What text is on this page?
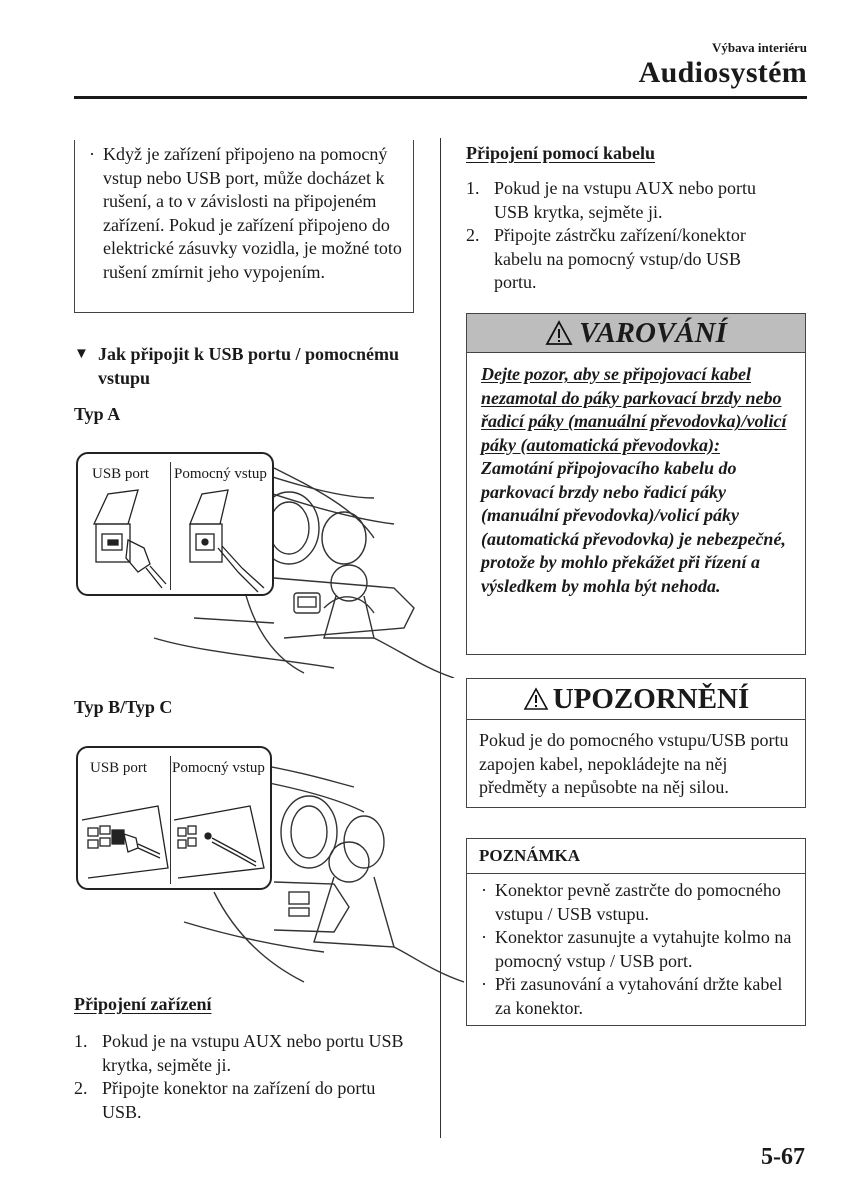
Výbava interiéru
Audiosystém
· Když je zařízení připojeno na pomocný vstup nebo USB port, může docházet k rušení, a to v závislosti na připojeném zařízení. Pokud je zařízení připojeno do elektrické zásuvky vozidla, je možné toto rušení zmírnit jeho vypojením.
▼ Jak připojit k USB portu / pomocnému vstupu
Typ A
USB port Pomocný vstup
Typ B/Typ C
USB port Pomocný vstup
Připojení zařízení
1. Pokud je na vstupu AUX nebo portu USB krytka, sejměte ji.
2. Připojte konektor na zařízení do portu USB.
Připojení pomocí kabelu
1. Pokud je na vstupu AUX nebo portu USB krytka, sejměte ji.
2. Připojte zástrčku zařízení/konektor kabelu na pomocný vstup/do USB portu.
VAROVÁNÍ
Dejte pozor, aby se připojovací kabel nezamotal do páky parkovací brzdy nebo řadicí páky (manuální převodovka)/volicí páky (automatická převodovka):
Zamotání připojovacího kabelu do parkovací brzdy nebo řadicí páky (manuální převodovka)/volicí páky (automatická převodovka) je nebezpečné, protože by mohlo překážet při řízení a výsledkem by mohla být nehoda.
UPOZORNĚNÍ
Pokud je do pomocného vstupu/USB portu zapojen kabel, nepokládejte na něj předměty a nepůsobte na něj silou.
POZNÁMKA
· Konektor pevně zastrčte do pomocného vstupu / USB vstupu.
· Konektor zasunujte a vytahujte kolmo na pomocný vstup / USB port.
· Při zasunování a vytahování držte kabel za konektor.
5-67
